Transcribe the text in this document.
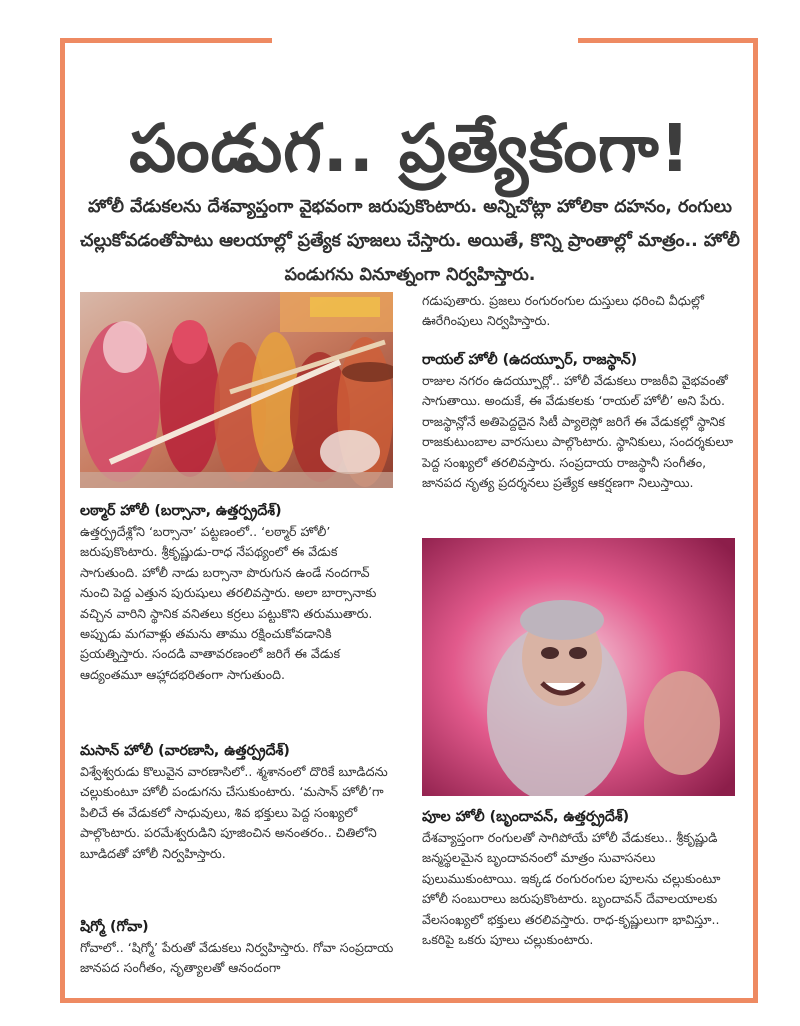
పండుగ.. ప్రత్యేకంగా!

హోలీ వేడుకలను దేశవ్యాప్తంగా వైభవంగా జరుపుకొంటారు. అన్నిచోట్లా హోలికా దహనం, రంగులు చల్లుకోవడంతోపాటు ఆలయాల్లో ప్రత్యేక పూజలు చేస్తారు. అయితే, కొన్ని ప్రాంతాల్లో మాత్రం.. హోలీ పండుగను వినూత్నంగా నిర్వహిస్తారు.

లఠ్మార్ హోలీ (బర్సానా, ఉత్తర్ప్రదేశ్)

ఉత్తర్ప్రదేశ్లోని ‘బర్సానా’ పట్టణంలో.. ‘లఠ్మార్ హోలీ’ జరుపుకొంటారు. శ్రీకృష్ణుడు-రాధ నేపథ్యంలో ఈ వేడుక సాగుతుంది. హోలీ నాడు బర్సానా పొరుగున ఉండే నందగావ్ నుంచి పెద్ద ఎత్తున పురుషులు తరలివస్తారు. అలా బార్సానాకు వచ్చిన వారిని స్థానిక వనితలు కర్రలు పట్టుకొని తరుముతారు. అప్పుడు మగవాళ్లు తమను తాము రక్షించుకోవడానికి ప్రయత్నిస్తారు. సందడి వాతావరణంలో జరిగే ఈ వేడుక ఆద్యంతమూ ఆహ్లాదభరితంగా సాగుతుంది.

మసాన్ హోలీ (వారణాసి, ఉత్తర్ప్రదేశ్)

విశ్వేశ్వరుడు కొలువైన వారణాసిలో.. శ్మశానంలో దొరికే బూడిదను చల్లుకుంటూ హోలీ పండుగను చేసుకుంటారు. ‘మసాన్ హోలీ’గా పిలిచే ఈ వేడుకలో సాధువులు, శివ భక్తులు పెద్ద సంఖ్యలో పాల్గొంటారు. పరమేశ్వరుడిని పూజించిన అనంతరం.. చితిలోని బూడిదతో హోలీ నిర్వహిస్తారు.

షిగ్మో (గోవా)

గోవాలో.. ‘షిగ్మో’ పేరుతో వేడుకలు నిర్వహిస్తారు. గోవా సంప్రదాయ జానపద సంగీతం, నృత్యాలతో ఆనందంగా

గడుపుతారు. ప్రజలు రంగురంగుల దుస్తులు ధరించి వీధుల్లో ఊరేగింపులు నిర్వహిస్తారు.

రాయల్ హోలీ (ఉదయ్పూర్, రాజస్థాన్)

రాజుల నగరం ఉదయ్పూర్లో.. హోలీ వేడుకలు రాజఠీవి వైభవంతో సాగుతాయి. అందుకే, ఈ వేడుకలకు ‘రాయల్ హోలీ’ అని పేరు. రాజస్థాన్లోనే అతిపెద్దదైన సిటీ ప్యాలెస్లో జరిగే ఈ వేడుకల్లో స్థానిక రాజకుటుంబాల వారసులు పాల్గొంటారు. స్థానికులు, సందర్శకులూ పెద్ద సంఖ్యలో తరలివస్తారు. సంప్రదాయ రాజస్థానీ సంగీతం, జానపద నృత్య ప్రదర్శనలు ప్రత్యేక ఆకర్షణగా నిలుస్తాయి.

పూల హోలీ (బృందావన్, ఉత్తర్ప్రదేశ్)

దేశవ్యాప్తంగా రంగులతో సాగిపోయే హోలీ వేడుకలు.. శ్రీకృష్ణుడి జన్మస్థలమైన బృందావనంలో మాత్రం సువాసనలు పులుముకుంటాయి. ఇక్కడ రంగురంగుల పూలను చల్లుకుంటూ హోలీ సంబురాలు జరుపుకొంటారు. బృందావన్ దేవాలయాలకు వేలసంఖ్యలో భక్తులు తరలివస్తారు. రాధ-కృష్ణులుగా భావిస్తూ.. ఒకరిపై ఒకరు పూలు చల్లుకుంటారు.
